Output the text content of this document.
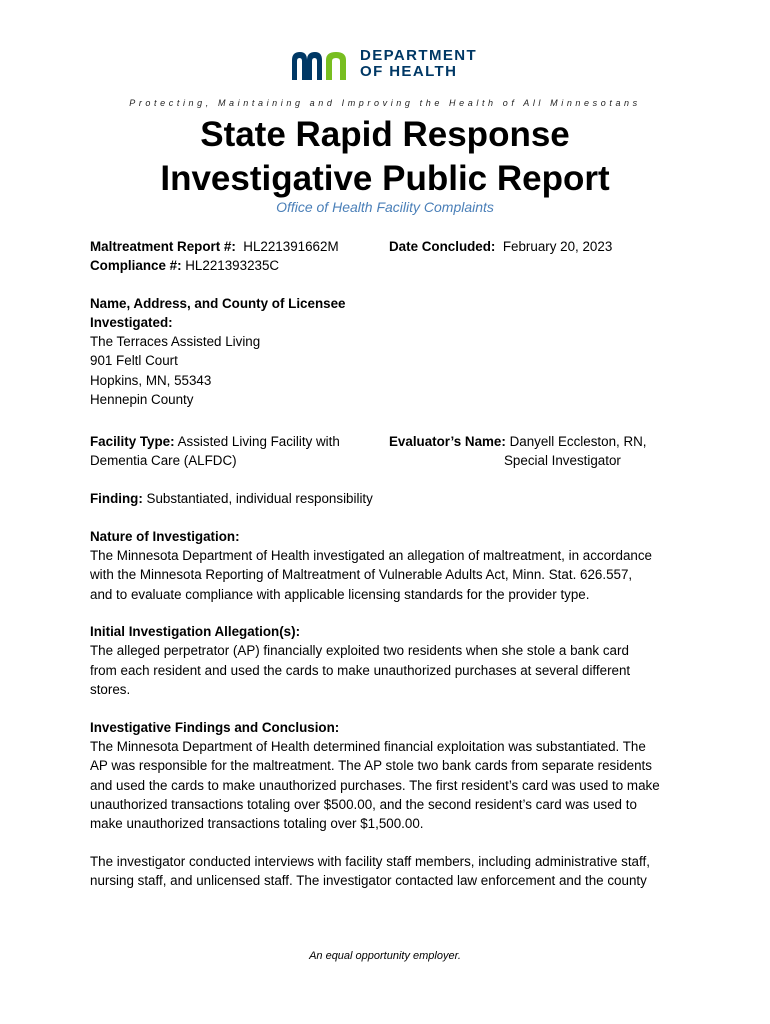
DEPARTMENT
OF HEALTH
Protecting, Maintaining and Improving the Health of All Minnesotans
State Rapid Response
Investigative Public Report
Office of Health Facility Complaints
Maltreatment Report #: HL221391662M	Date Concluded: February 20, 2023
Compliance #: HL221393235C
Name, Address, and County of Licensee
Investigated:
The Terraces Assisted Living
901 Feltl Court
Hopkins, MN, 55343
Hennepin County
Facility Type: Assisted Living Facility with
Dementia Care (ALFDC)
Evaluator’s Name: Danyell Eccleston, RN,
Special Investigator
Finding: Substantiated, individual responsibility
Nature of Investigation:
The Minnesota Department of Health investigated an allegation of maltreatment, in accordance
with the Minnesota Reporting of Maltreatment of Vulnerable Adults Act, Minn. Stat. 626.557,
and to evaluate compliance with applicable licensing standards for the provider type.
Initial Investigation Allegation(s):
The alleged perpetrator (AP) financially exploited two residents when she stole a bank card
from each resident and used the cards to make unauthorized purchases at several different
stores.
Investigative Findings and Conclusion:
The Minnesota Department of Health determined financial exploitation was substantiated. The
AP was responsible for the maltreatment. The AP stole two bank cards from separate residents
and used the cards to make unauthorized purchases. The first resident’s card was used to make
unauthorized transactions totaling over $500.00, and the second resident’s card was used to
make unauthorized transactions totaling over $1,500.00.
The investigator conducted interviews with facility staff members, including administrative staff,
nursing staff, and unlicensed staff. The investigator contacted law enforcement and the county
An equal opportunity employer.
